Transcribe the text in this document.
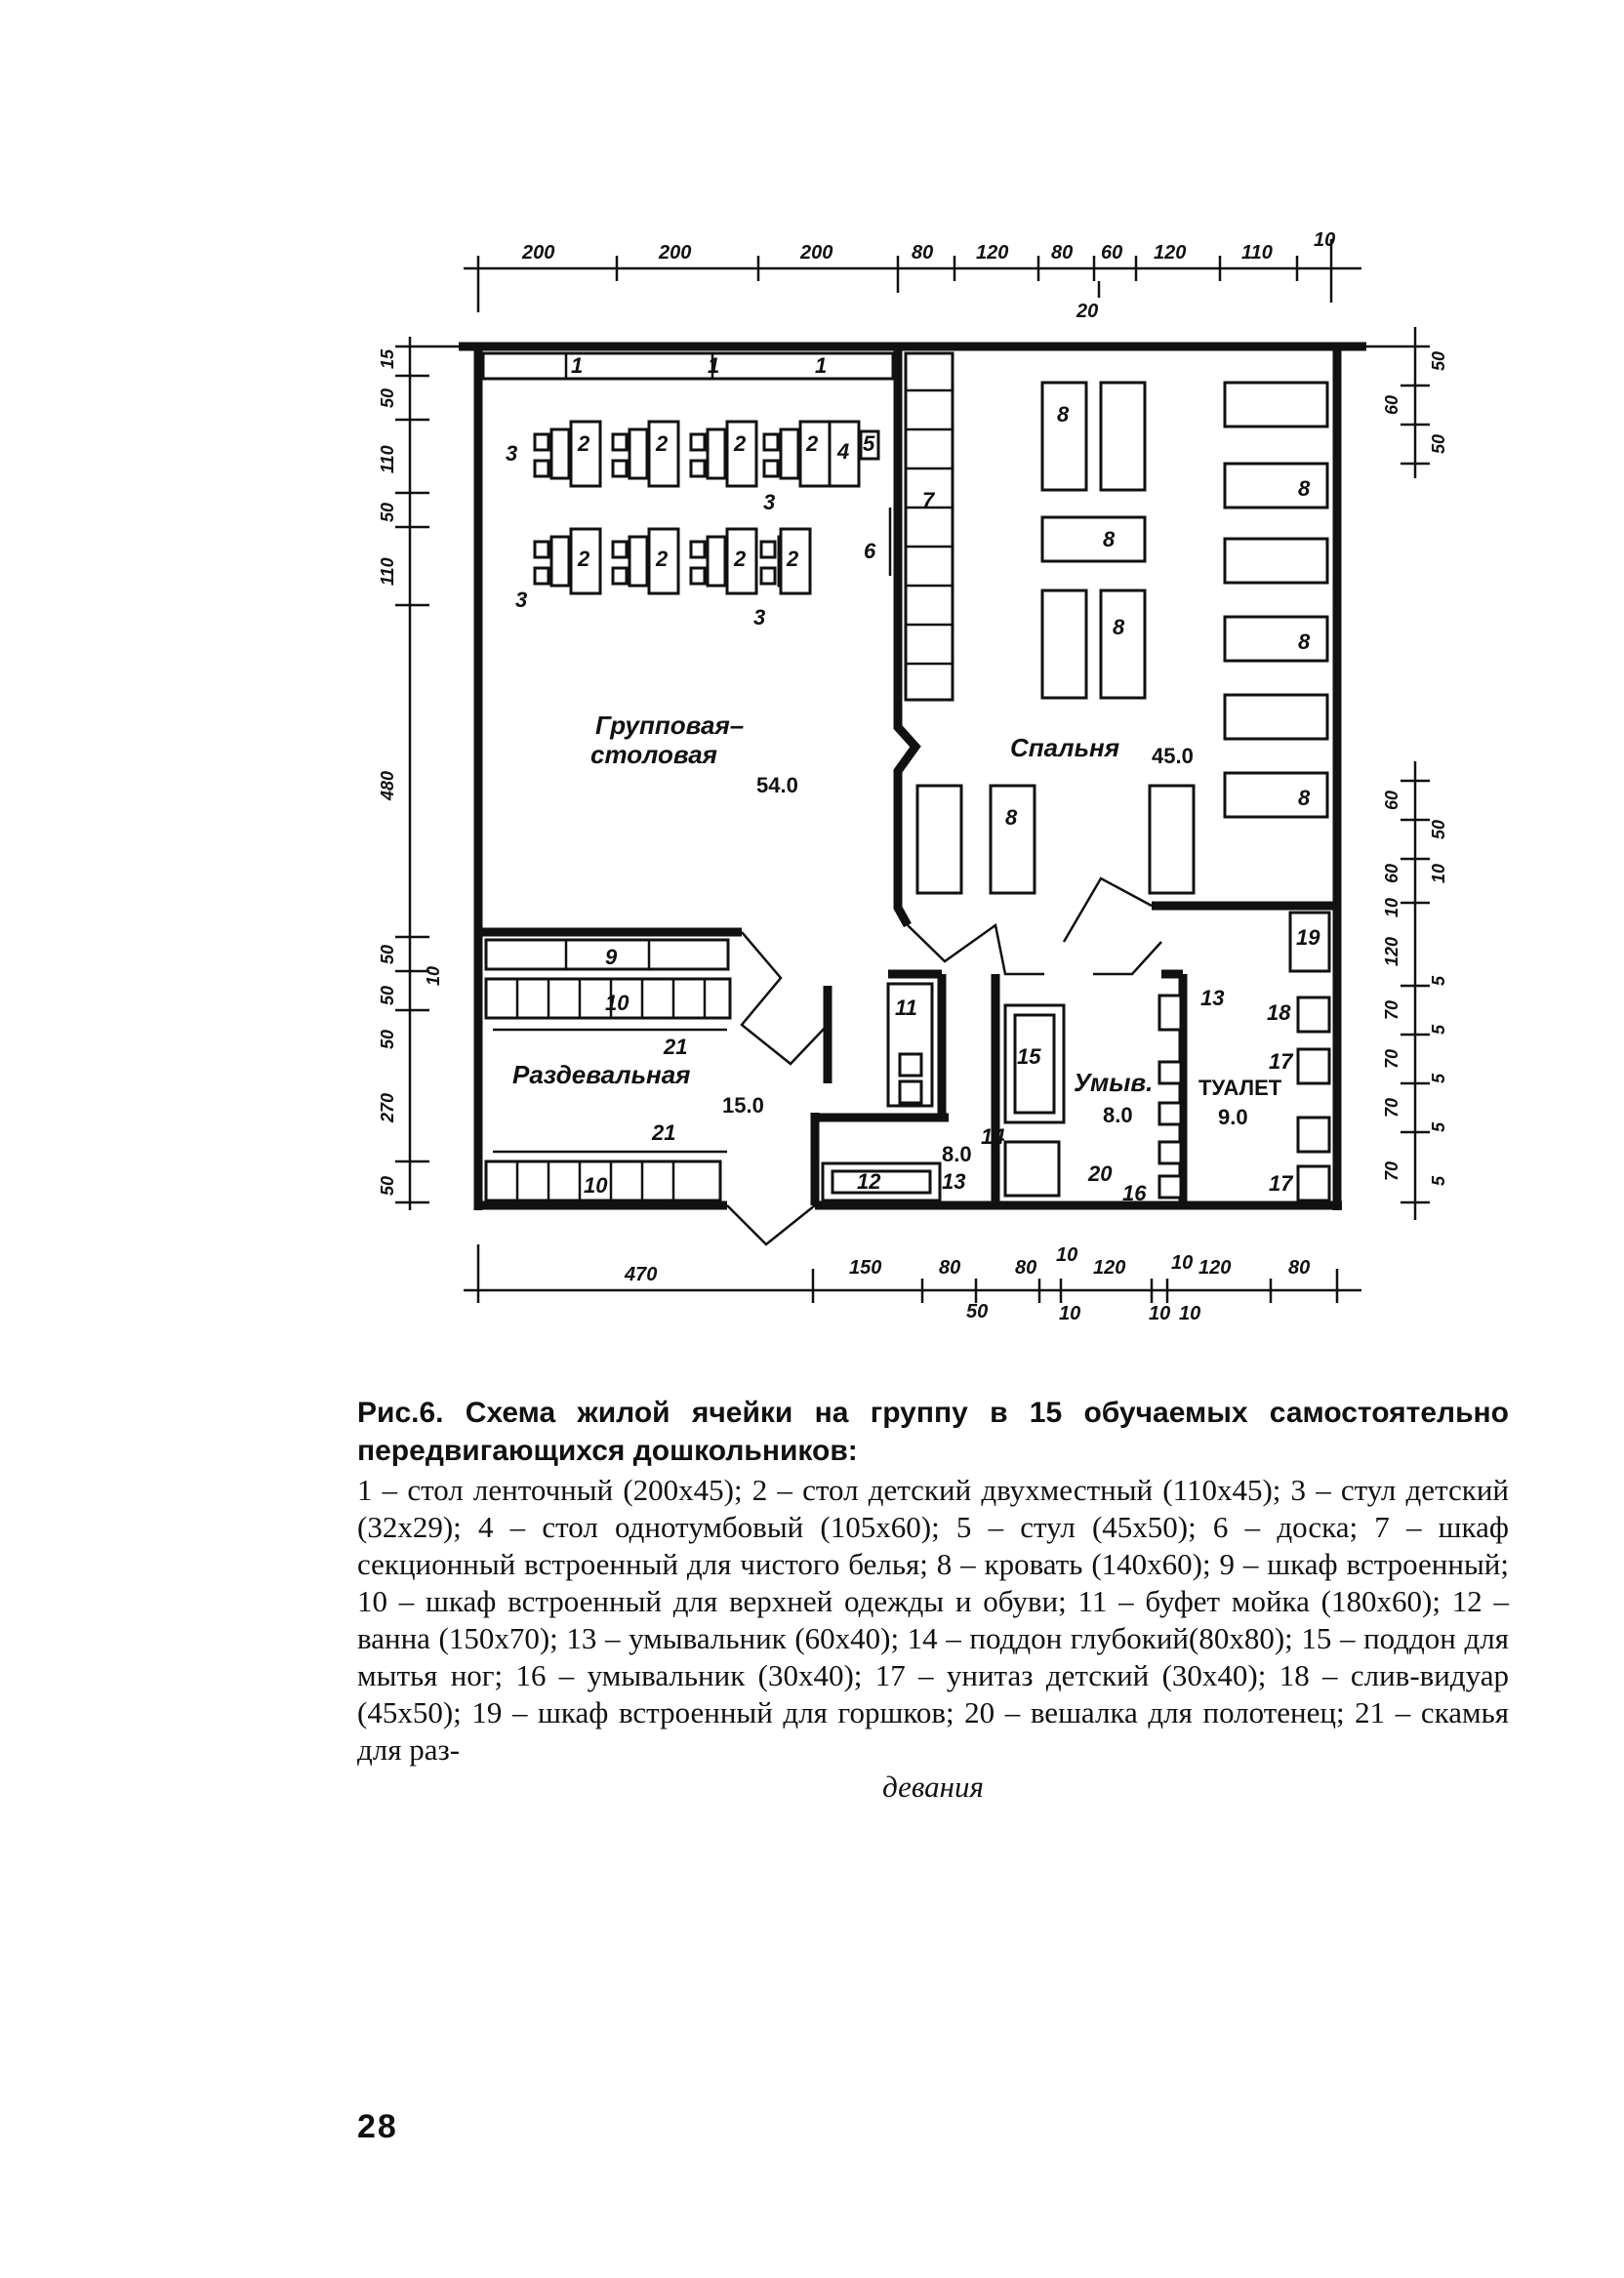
200	200	200	80 120 80 60 120	110
10
20
15
50
110
50
110
480
50
50
10
50
270
50
50
60
50
60
50
10
60
10
120
5
70
5
70
5
70
5
70 5
470	150	80	80
10
120 10 120	80
50	10	10 10
1	1	1
3	2	2	2	2 4 5
3
2	2	2 2
3
3
6
7
Групповая–
столовая
54.0
8
8
8
8
8
8
8
Спальня 45.0
9
10
21
Раздевальная
15.0
21
10
11
12	13
8.0
14
15
Умыв.
8.0
20
16
13
19
18
17
17
ТУАЛЕТ
9.0
Рис.6. Схема жилой ячейки на группу в 15 обучаемых самостоятельно передвигающихся дошкольников:
1 – стол ленточный (200x45); 2 – стол детский двухместный (110x45); 3 – стул детский (32x29); 4 – стол однотумбовый (105x60); 5 – стул (45x50); 6 – доска; 7 – шкаф секционный встроенный для чистого белья; 8 – кровать (140x60); 9 – шкаф встроенный; 10 – шкаф встроенный для верхней одежды и обуви; 11 – буфет мойка (180x60); 12 – ванна (150x70); 13 – умывальник (60x40); 14 – поддон глубокий(80x80); 15 – поддон для мытья ног; 16 – умывальник (30x40); 17 – унитаз детский (30x40); 18 – слив-видуар (45x50); 19 – шкаф встроенный для горшков; 20 – вешалка для полотенец; 21 – скамья для раз-
девания
28
